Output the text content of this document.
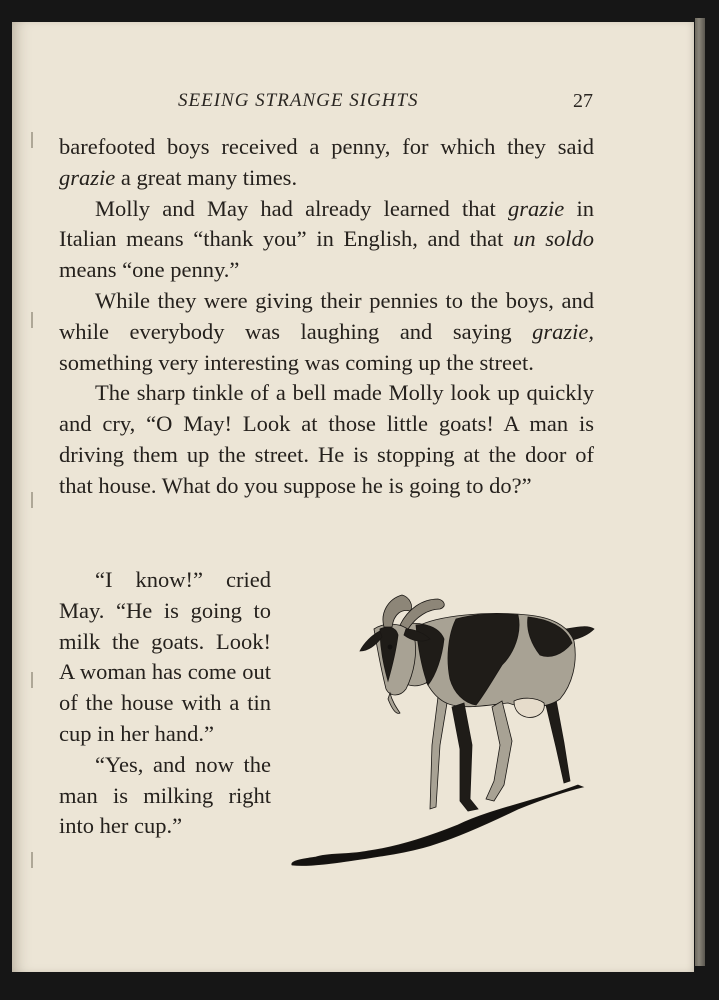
SEEING STRANGE SIGHTS	27

barefooted boys received a penny, for which they said grazie a great many times.

Molly and May had already learned that grazie in Italian means “thank you” in English, and that un soldo means “one penny.”

While they were giving their pennies to the boys, and while everybody was laughing and saying grazie, something very interesting was coming up the street.

The sharp tinkle of a bell made Molly look up quickly and cry, “O May! Look at those little goats! A man is driving them up the street. He is stopping at the door of that house. What do you suppose he is going to do?”

“I know!” cried May. “He is going to milk the goats. Look! A woman has come out of the house with a tin cup in her hand.”

“Yes, and now the man is milking right into her cup.”
